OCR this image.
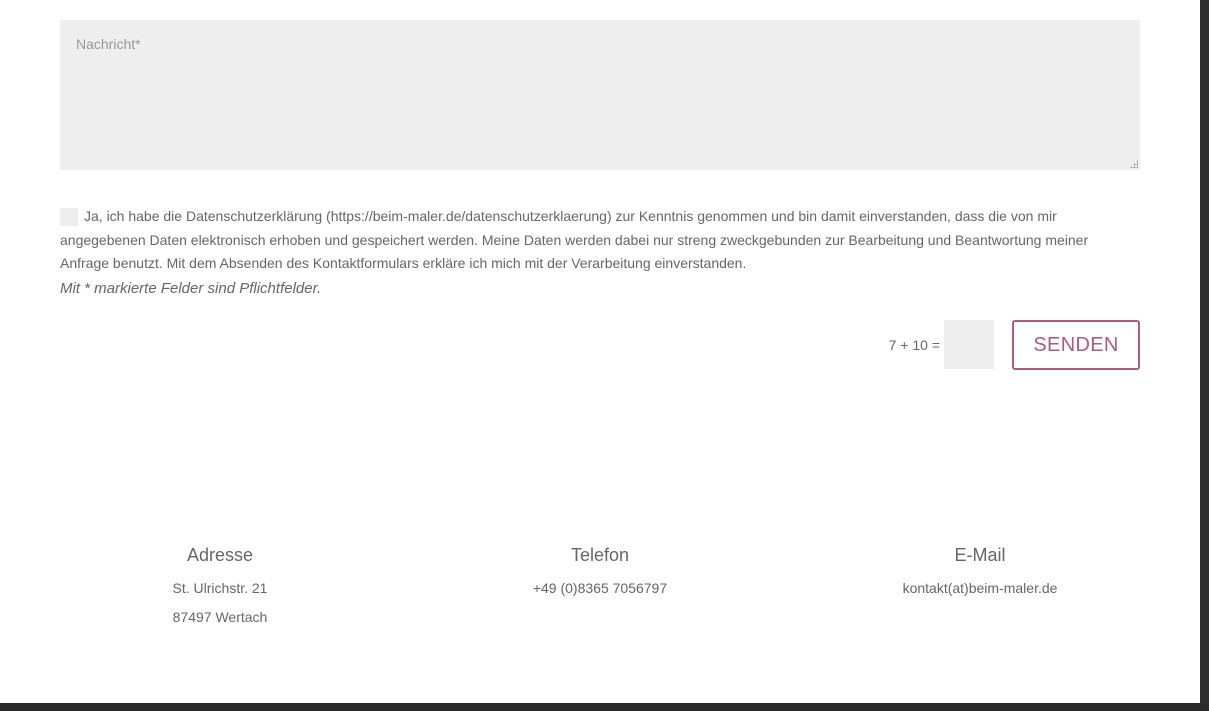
Nachricht*

Ja, ich habe die Datenschutzerklärung (https://beim-maler.de/datenschutzerklaerung) zur Kenntnis genommen und bin damit einverstanden, dass die von mir angegebenen Daten elektronisch erhoben und gespeichert werden. Meine Daten werden dabei nur streng zweckgebunden zur Bearbeitung und Beantwortung meiner Anfrage benutzt. Mit dem Absenden des Kontaktformulars erkläre ich mich mit der Verarbeitung einverstanden.

Mit * markierte Felder sind Pflichtfelder.

7 + 10 =	SENDEN
Adresse

St. Ulrichstr. 21

87497 Wertach

Telefon

+49 (0)8365 7056797

E-Mail

kontakt(at)beim-maler.de
